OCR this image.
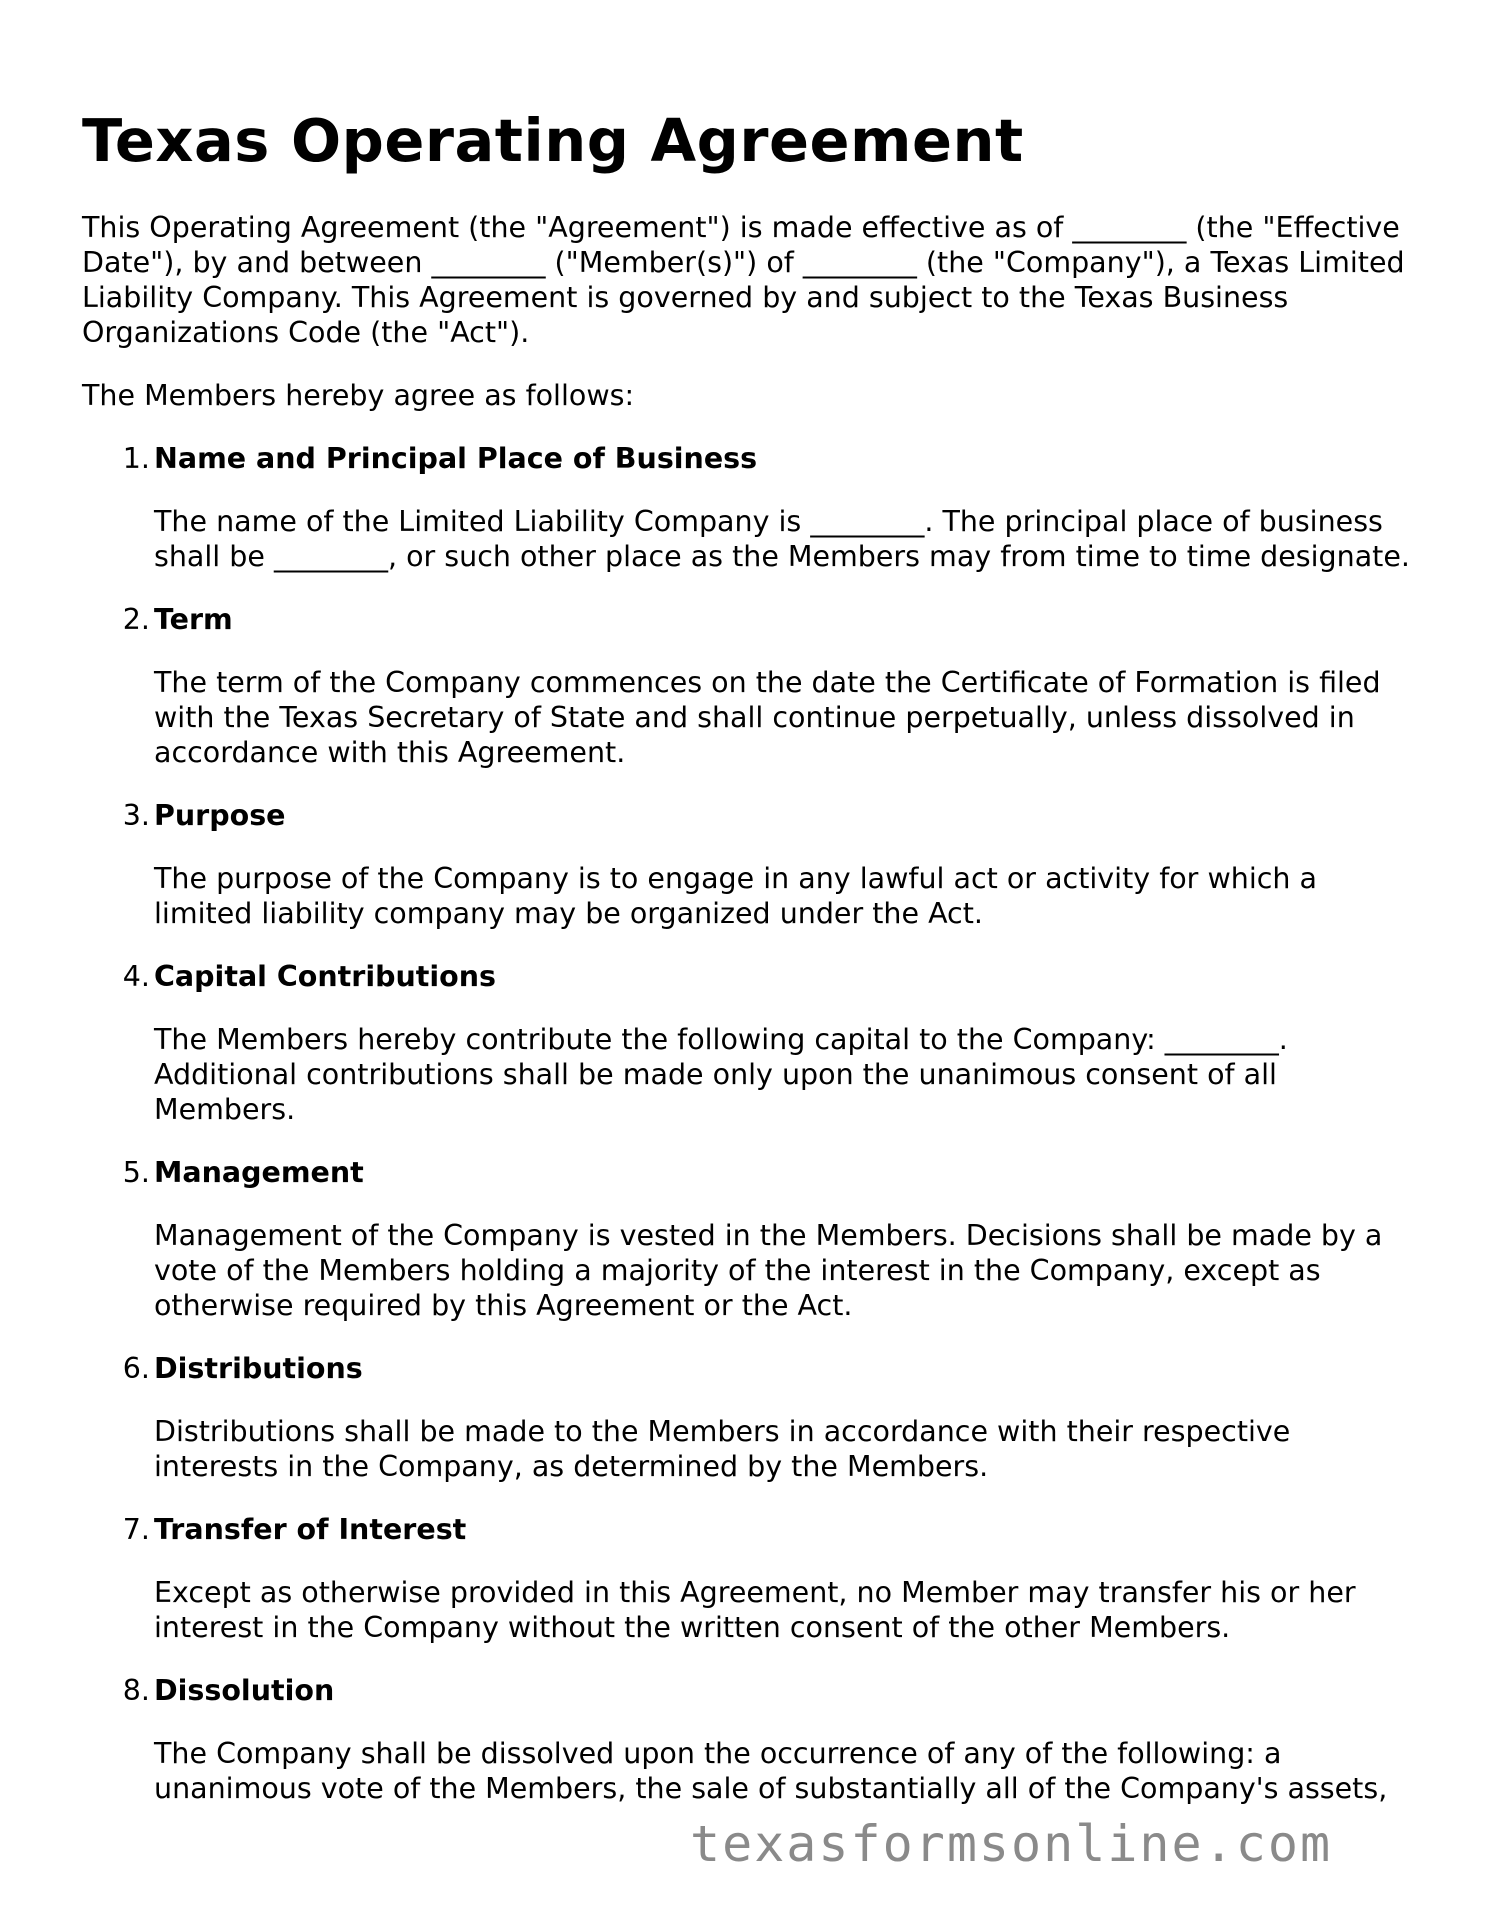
Texas Operating Agreement

This Operating Agreement (the "Agreement") is made effective as of ________ (the "Effective Date"), by and between ________ ("Member(s)") of ________ (the "Company"), a Texas Limited Liability Company. This Agreement is governed by and subject to the Texas Business Organizations Code (the "Act").

The Members hereby agree as follows:

1. Name and Principal Place of Business

The name of the Limited Liability Company is ________. The principal place of business shall be ________, or such other place as the Members may from time to time designate.

2. Term

The term of the Company commences on the date the Certificate of Formation is filed with the Texas Secretary of State and shall continue perpetually, unless dissolved in accordance with this Agreement.

3. Purpose

The purpose of the Company is to engage in any lawful act or activity for which a limited liability company may be organized under the Act.

4. Capital Contributions

The Members hereby contribute the following capital to the Company: ________. Additional contributions shall be made only upon the unanimous consent of all Members.

5. Management

Management of the Company is vested in the Members. Decisions shall be made by a vote of the Members holding a majority of the interest in the Company, except as otherwise required by this Agreement or the Act.

6. Distributions

Distributions shall be made to the Members in accordance with their respective interests in the Company, as determined by the Members.

7. Transfer of Interest

Except as otherwise provided in this Agreement, no Member may transfer his or her interest in the Company without the written consent of the other Members.

8. Dissolution

The Company shall be dissolved upon the occurrence of any of the following: a unanimous vote of the Members, the sale of substantially all of the Company's assets,

texasformsonline.com
